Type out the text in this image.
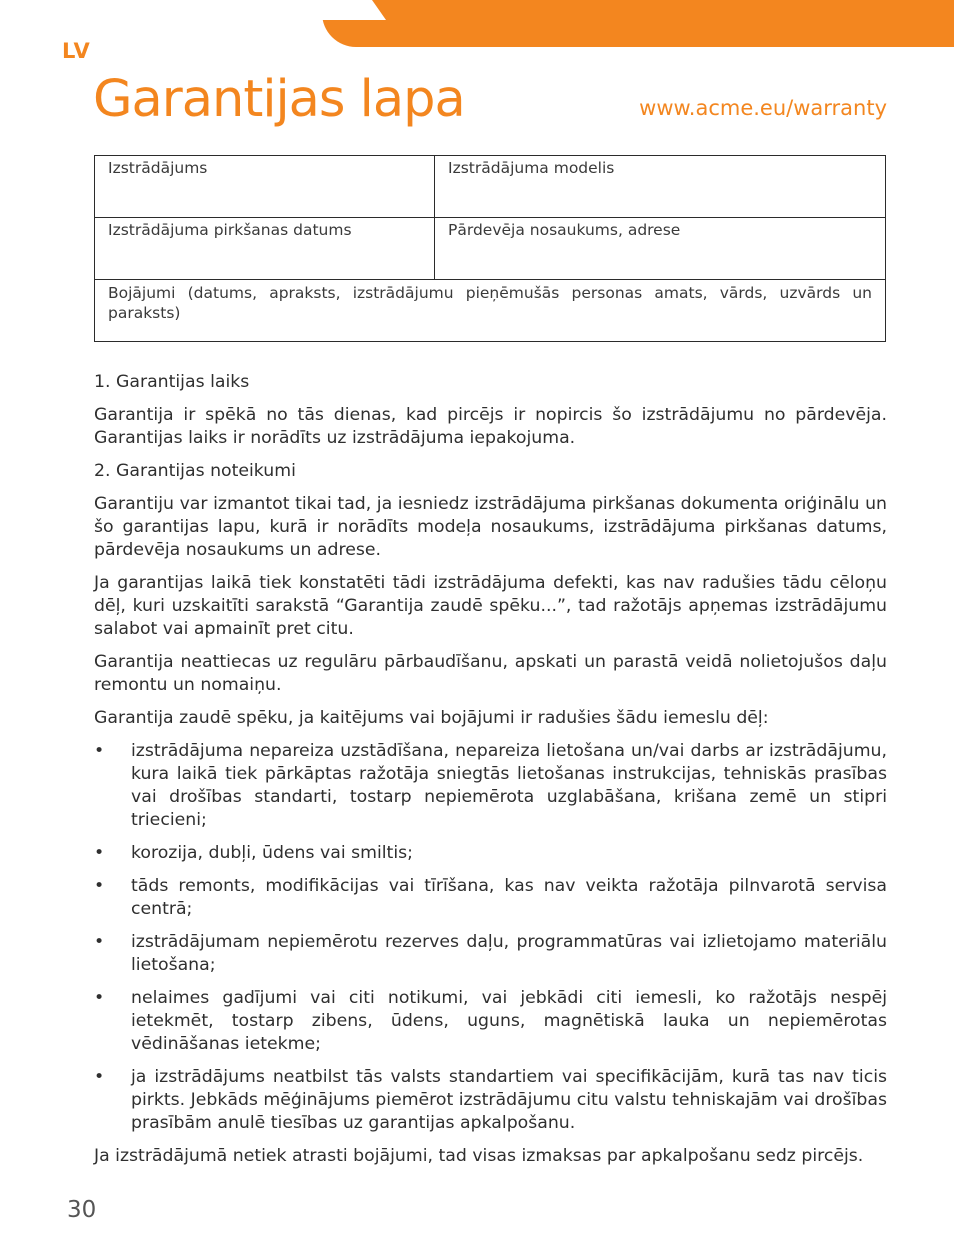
LV
Garantijas lapa	www.acme.eu/warranty
Izstrādājums	Izstrādājuma modelis
Izstrādājuma pirkšanas datums	Pārdevēja nosaukums, adrese
Bojājumi (datums, apraksts, izstrādājumu pieņēmušās personas amats, vārds, uzvārds un paraksts)	

1. Garantijas laiks

Garantija ir spēkā no tās dienas, kad pircējs ir nopircis šo izstrādājumu no pārdevēja. Garantijas laiks ir norādīts uz izstrādājuma iepakojuma.

2. Garantijas noteikumi

Garantiju var izmantot tikai tad, ja iesniedz izstrādājuma pirkšanas dokumenta oriģinālu un šo garantijas lapu, kurā ir norādīts modeļa nosaukums, izstrādājuma pirkšanas datums, pārdevēja nosaukums un adrese.

Ja garantijas laikā tiek konstatēti tādi izstrādājuma defekti, kas nav radušies tādu cēloņu dēļ, kuri uzskaitīti sarakstā “Garantija zaudē spēku...”, tad ražotājs apņemas izstrādājumu salabot vai apmainīt pret citu.

Garantija neattiecas uz regulāru pārbaudīšanu, apskati un parastā veidā nolietojušos daļu remontu un nomaiņu.

Garantija zaudē spēku, ja kaitējums vai bojājumi ir radušies šādu iemeslu dēļ:

• izstrādājuma nepareiza uzstādīšana, nepareiza lietošana un/vai darbs ar izstrādājumu, kura laikā tiek pārkāptas ražotāja sniegtās lietošanas instrukcijas, tehniskās prasības vai drošības standarti, tostarp nepiemērota uzglabāšana, krišana zemē un stipri triecieni;
• korozija, dubļi, ūdens vai smiltis;
• tāds remonts, modifikācijas vai tīrīšana, kas nav veikta ražotāja pilnvarotā servisa centrā;
• izstrādājumam nepiemērotu rezerves daļu, programmatūras vai izlietojamo materiālu lietošana;
• nelaimes gadījumi vai citi notikumi, vai jebkādi citi iemesli, ko ražotājs nespēj ietekmēt, tostarp zibens, ūdens, uguns, magnētiskā lauka un nepiemērotas vēdināšanas ietekme;
• ja izstrādājums neatbilst tās valsts standartiem vai specifikācijām, kurā tas nav ticis pirkts. Jebkāds mēģinājums piemērot izstrādājumu citu valstu tehniskajām vai drošības prasībām anulē tiesības uz garantijas apkalpošanu.

Ja izstrādājumā netiek atrasti bojājumi, tad visas izmaksas par apkalpošanu sedz pircējs.

30
